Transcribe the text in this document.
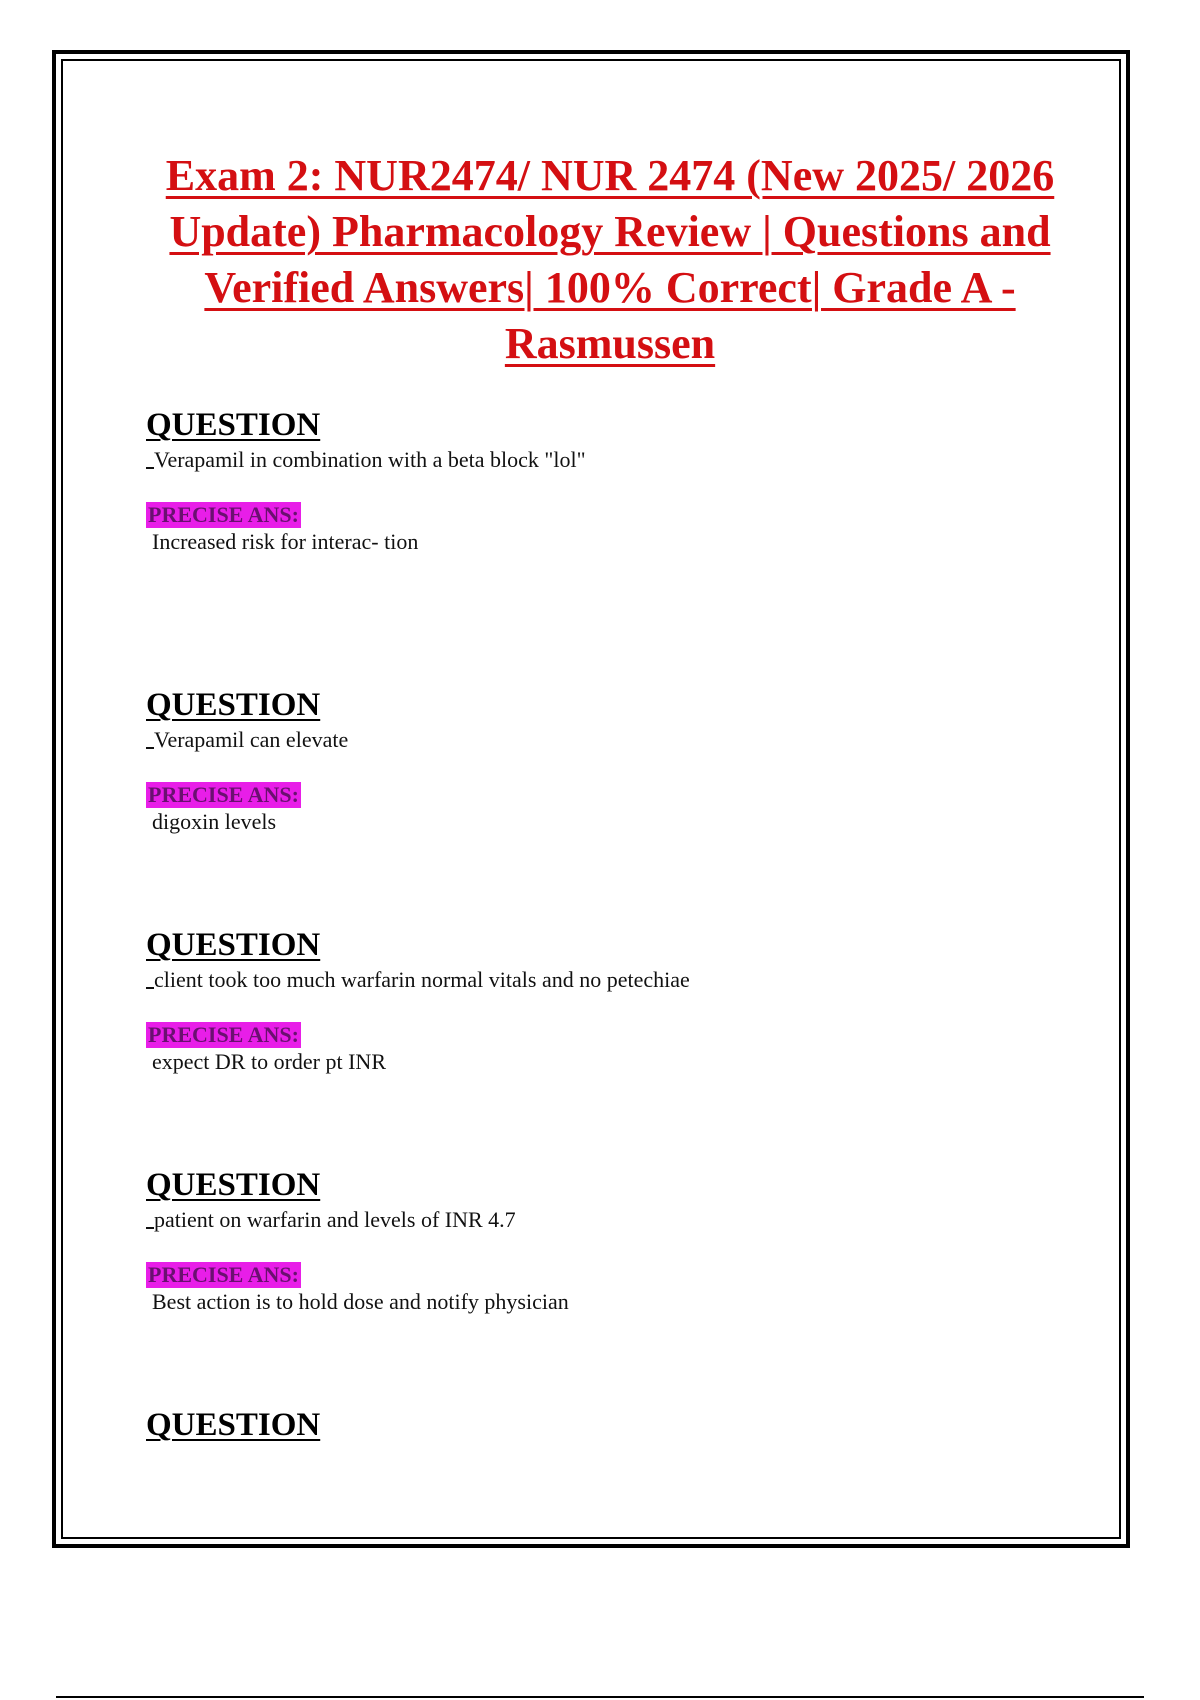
Exam 2: NUR2474/ NUR 2474 (New 2025/ 2026 Update) Pharmacology Review | Questions and Verified Answers| 100% Correct| Grade A - Rasmussen
QUESTION
Verapamil in combination with a beta block "lol"
PRECISE ANS:
Increased risk for interac- tion
QUESTION
Verapamil can elevate
PRECISE ANS:
digoxin levels
QUESTION
client took too much warfarin normal vitals and no petechiae
PRECISE ANS:
expect DR to order pt INR
QUESTION
patient on warfarin and levels of INR 4.7
PRECISE ANS:
Best action is to hold dose and notify physician
QUESTION
